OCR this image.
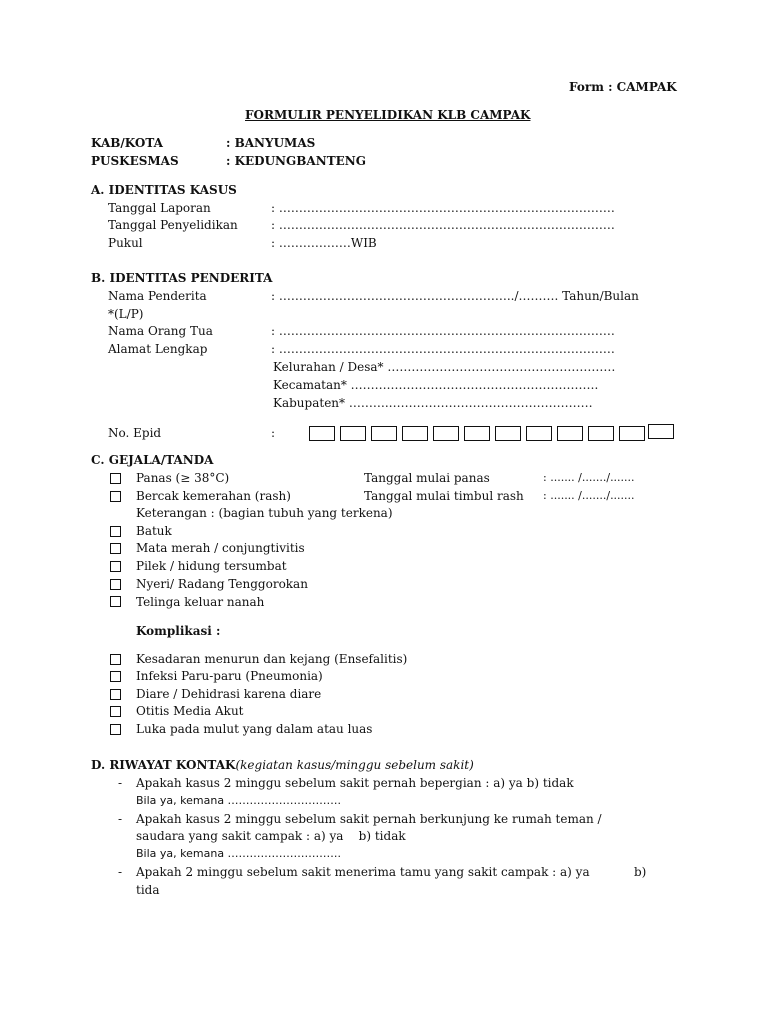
Form : CAMPAK
FORMULIR PENYELIDIKAN KLB CAMPAK
KAB/KOTA	: BANYUMAS
PUSKESMAS	: KEDUNGBANTENG
A. IDENTITAS KASUS
Tanggal Laporan	: …………………………………………………………………………
Tanggal Penyelidikan	: …………………………………………………………………………
Pukul	: ………………WIB
B. IDENTITAS PENDERITA
Nama Penderita	: …………………………………………………../………. Tahun/Bulan
*(L/P)
Nama Orang Tua	: …………………………………………………………………………
Alamat Lengkap	: …………………………………………………………………………
Kelurahan / Desa* …………………………………………………
Kecamatan* ……….…………………………………………….
Kabupaten* ……….……………………………………………
No. Epid	:
C. GEJALA/TANDA
Panas (≥ 38°C)	Tanggal mulai panas	: ....... /......./.......
Bercak kemerahan (rash)	Tanggal mulai timbul rash : ....... /......./.......
Keterangan : (bagian tubuh yang terkena)
Batuk
Mata merah / conjungtivitis
Pilek / hidung tersumbat
Nyeri/ Radang Tenggorokan
Telinga keluar nanah
Komplikasi :
Kesadaran menurun dan kejang (Ensefalitis)
Infeksi Paru-paru (Pneumonia)
Diare / Dehidrasi karena diare
Otitis Media Akut
Luka pada mulut yang dalam atau luas
D. RIWAYAT KONTAK(kegiatan kasus/minggu sebelum sakit)
- Apakah kasus 2 minggu sebelum sakit pernah bepergian : a) ya b) tidak
Bila ya, kemana ………………………….
- Apakah kasus 2 minggu sebelum sakit pernah berkunjung ke rumah teman /
saudara yang sakit campak : a) ya    b) tidak
Bila ya, kemana ………………………….
- Apakah 2 minggu sebelum sakit menerima tamu yang sakit campak : a) ya	b)
tida
